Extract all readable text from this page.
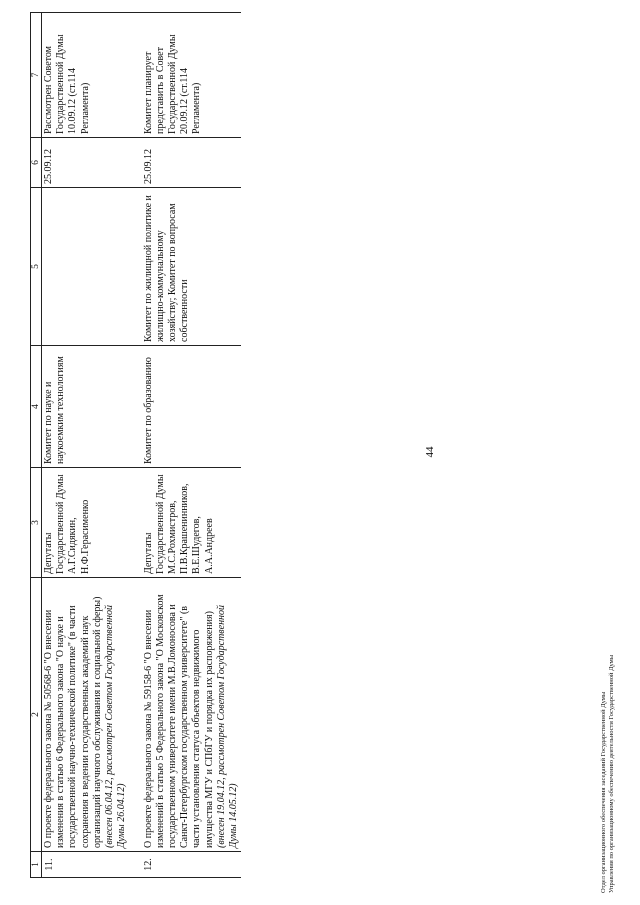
44
1	2	3	4	5	6	7
11.	О проекте федерального закона № 50568-6 "О внесении изменения в статью 6 Федерального закона "О науке и государственной научно-технической политике" (в части сохранения в ведении государственных академий наук организаций научного обслуживания и социальной сферы) (внесен 06.04.12, рассмотрен Советом Государственной Думы 26.04.12)	Депутаты Государственной Думы А.Г.Сидякин, Н.Ф.Герасименко	Комитет по науке и наукоемким технологиям		25.09.12	Рассмотрен Советом Государственной Думы 10.09.12 (ст.114 Регламента)
12.	О проекте федерального закона № 59158-6 "О внесении изменений в статью 5 Федерального закона "О Московском государственном университете имени М.В.Ломоносова и Санкт-Петербургском государственном университете" (в части установления статуса объектов недвижимого имущества МГУ и СПбГУ и порядка их распоряжения) (внесен 19.04.12, рассмотрен Советом Государственной Думы 14.05.12)	Депутаты Государственной Думы М.С.Рохмистров, П.В.Крашенинников, В.Е.Шудегов, А.А.Андреев	Комитет по образованию	Комитет по жилищной политике и жилищно-коммунальному хозяйству; Комитет по вопросам собственности	25.09.12	Комитет планирует представить в Совет Государственной Думы 20.09.12 (ст.114 Регламента)
Отдел организационного обеспечения заседаний Государственной Думы Управления по организационному обеспечению деятельности Государственной Думы
